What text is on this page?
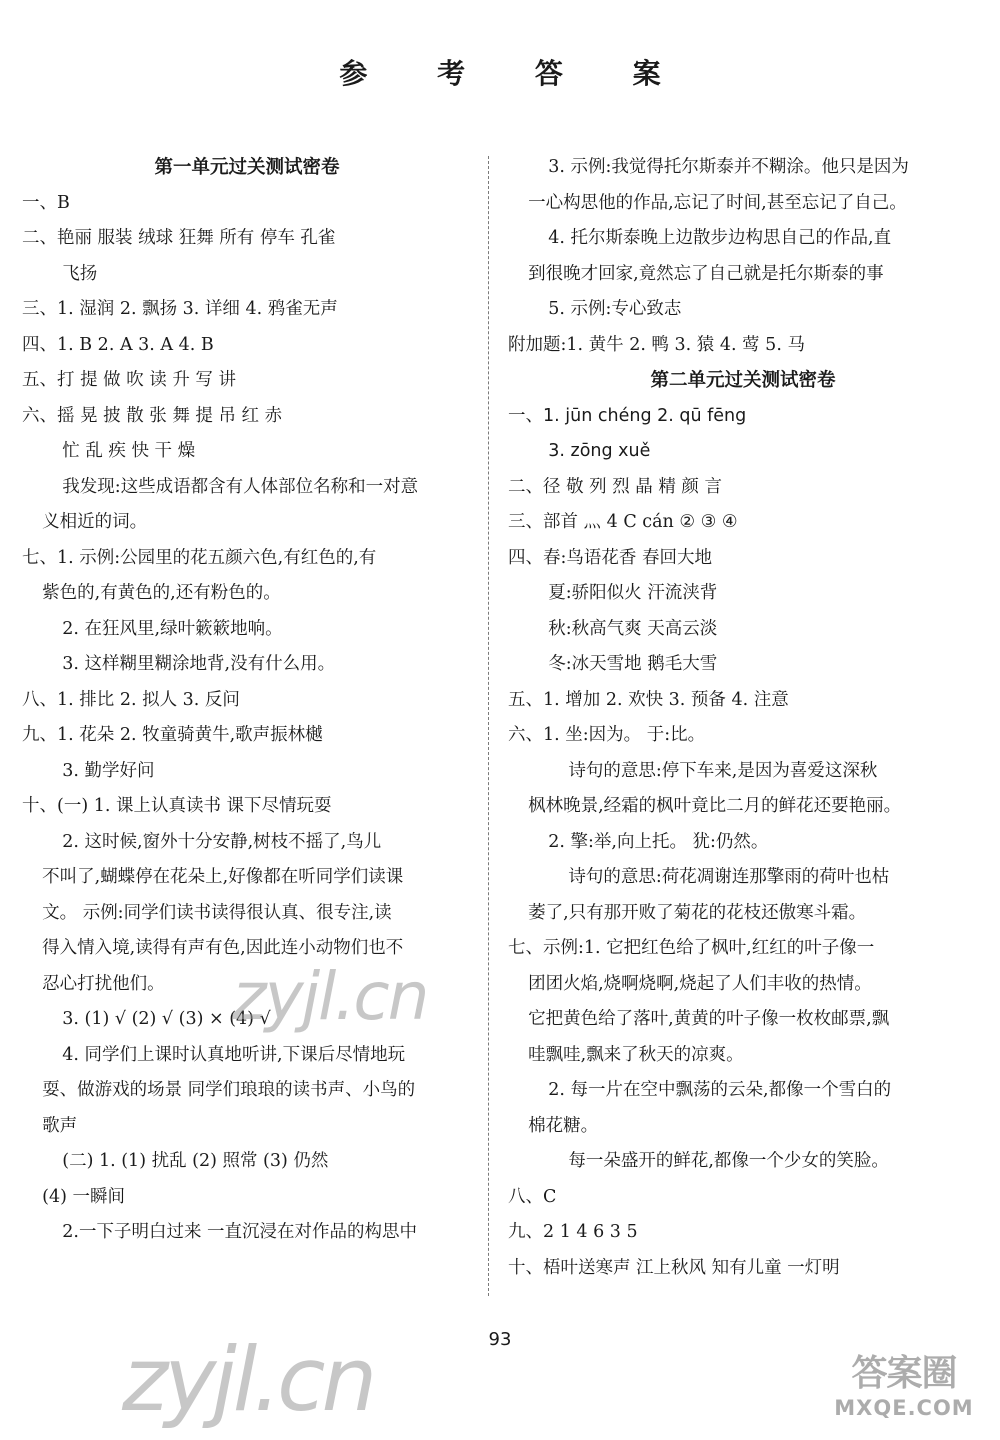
参 考 答 案
第一单元过关测试密卷
一、B
二、艳丽 服装 绒球 狂舞 所有 停车 孔雀
飞扬
三、1. 湿润 2. 飘扬 3. 详细 4. 鸦雀无声
四、1. B 2. A 3. A 4. B
五、打 提 做 吹 读 升 写 讲
六、摇 晃 披 散 张 舞 提 吊 红 赤
忙 乱 疾 快 干 燥
我发现:这些成语都含有人体部位名称和一对意
义相近的词。
七、1. 示例:公园里的花五颜六色,有红色的,有
紫色的,有黄色的,还有粉色的。
2. 在狂风里,绿叶簌簌地响。
3. 这样糊里糊涂地背,没有什么用。
八、1. 排比 2. 拟人 3. 反问
九、1. 花朵 2. 牧童骑黄牛,歌声振林樾
3. 勤学好问
十、(一) 1. 课上认真读书 课下尽情玩耍
2. 这时候,窗外十分安静,树枝不摇了,鸟儿
不叫了,蝴蝶停在花朵上,好像都在听同学们读课
文。 示例:同学们读书读得很认真、很专注,读
得入情入境,读得有声有色,因此连小动物们也不
忍心打扰他们。
3. (1) √ (2) √ (3) × (4) √
4. 同学们上课时认真地听讲,下课后尽情地玩
耍、做游戏的场景 同学们琅琅的读书声、小鸟的
歌声
(二) 1. (1) 扰乱 (2) 照常 (3) 仍然
(4) 一瞬间
2.一下子明白过来 一直沉浸在对作品的构思中
3. 示例:我觉得托尔斯泰并不糊涂。他只是因为
一心构思他的作品,忘记了时间,甚至忘记了自己。
4. 托尔斯泰晚上边散步边构思自己的作品,直
到很晚才回家,竟然忘了自己就是托尔斯泰的事
5. 示例:专心致志
附加题:1. 黄牛 2. 鸭 3. 猿 4. 莺 5. 马
第二单元过关测试密卷
一、1. jūn chéng 2. qū fēng
3. zōng xuě
二、径 敬 列 烈 晶 精 颜 言
三、部首 灬 4 C cán ② ③ ④
四、春:鸟语花香 春回大地
夏:骄阳似火 汗流浃背
秋:秋高气爽 天高云淡
冬:冰天雪地 鹅毛大雪
五、1. 增加 2. 欢快 3. 预备 4. 注意
六、1. 坐:因为。 于:比。
诗句的意思:停下车来,是因为喜爱这深秋
枫林晚景,经霜的枫叶竟比二月的鲜花还要艳丽。
2. 擎:举,向上托。 犹:仍然。
诗句的意思:荷花凋谢连那擎雨的荷叶也枯
萎了,只有那开败了菊花的花枝还傲寒斗霜。
七、示例:1. 它把红色给了枫叶,红红的叶子像一
团团火焰,烧啊烧啊,烧起了人们丰收的热情。
它把黄色给了落叶,黄黄的叶子像一枚枚邮票,飘
哇飘哇,飘来了秋天的凉爽。
2. 每一片在空中飘荡的云朵,都像一个雪白的
棉花糖。
每一朵盛开的鲜花,都像一个少女的笑脸。
八、C
九、2 1 4 6 3 5
十、梧叶送寒声 江上秋风 知有儿童 一灯明
zyjl.cn
93
zyjl.cn	答案圈
MXQE.COM
